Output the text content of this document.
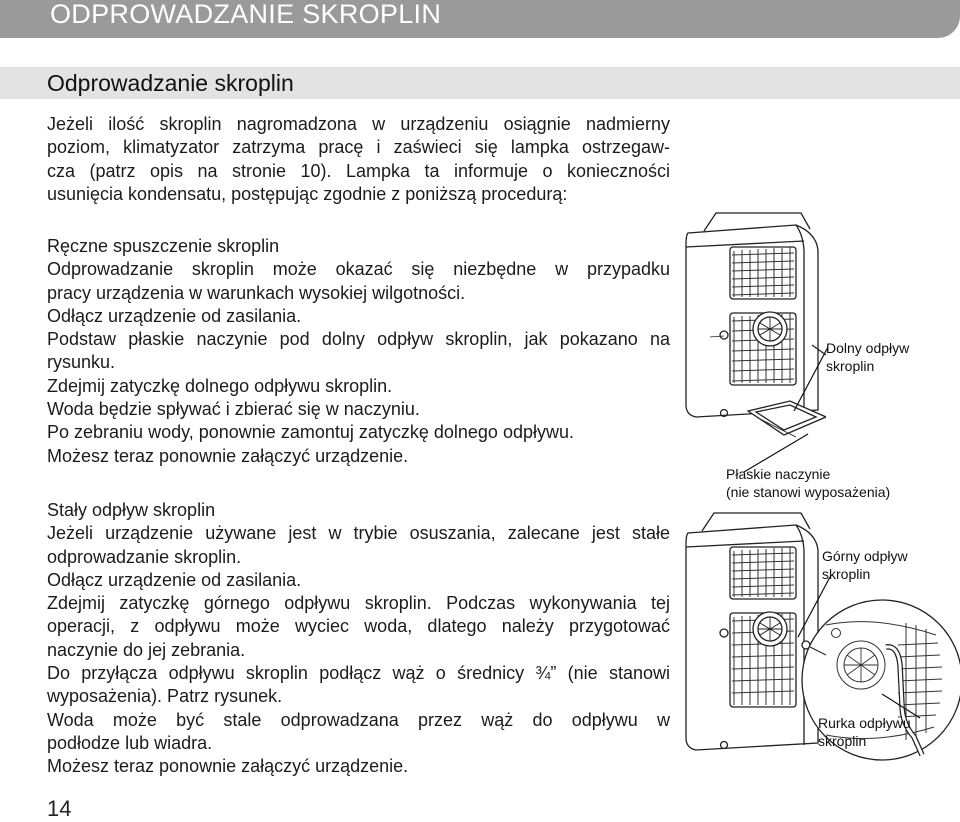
ODPROWADZANIE SKROPLIN
Odprowadzanie skroplin
Jeżeli ilość skroplin nagromadzona w urządzeniu osiągnie nadmierny
poziom, klimatyzator zatrzyma pracę i zaświeci się lampka ostrzegaw-
cza (patrz opis na stronie 10). Lampka ta informuje o konieczności
usunięcia kondensatu, postępując zgodnie z poniższą procedurą:
Ręczne spuszczenie skroplin
Odprowadzanie skroplin może okazać się niezbędne w przypadku
pracy urządzenia w warunkach wysokiej wilgotności.
Odłącz urządzenie od zasilania.
Podstaw płaskie naczynie pod dolny odpływ skroplin, jak pokazano na
rysunku.
Zdejmij zatyczkę dolnego odpływu skroplin.
Woda będzie spływać i zbierać się w naczyniu.
Po zebraniu wody, ponownie zamontuj zatyczkę dolnego odpływu.
Możesz teraz ponownie załączyć urządzenie.
Stały odpływ skroplin
Jeżeli urządzenie używane jest w trybie osuszania, zalecane jest stałe
odprowadzanie skroplin.
Odłącz urządzenie od zasilania.
Zdejmij zatyczkę górnego odpływu skroplin. Podczas wykonywania tej
operacji, z odpływu może wyciec woda, dlatego należy przygotować
naczynie do jej zebrania.
Do przyłącza odpływu skroplin podłącz wąż o średnicy ¾” (nie stanowi
wyposażenia). Patrz rysunek.
Woda może być stale odprowadzana przez wąż do odpływu w
podłodze lub wiadra.
Możesz teraz ponownie załączyć urządzenie.
14
Dolny odpływ
skroplin
Płaskie naczynie
(nie stanowi wyposażenia)
Górny odpływ
skroplin
Rurka odpływu
skroplin
